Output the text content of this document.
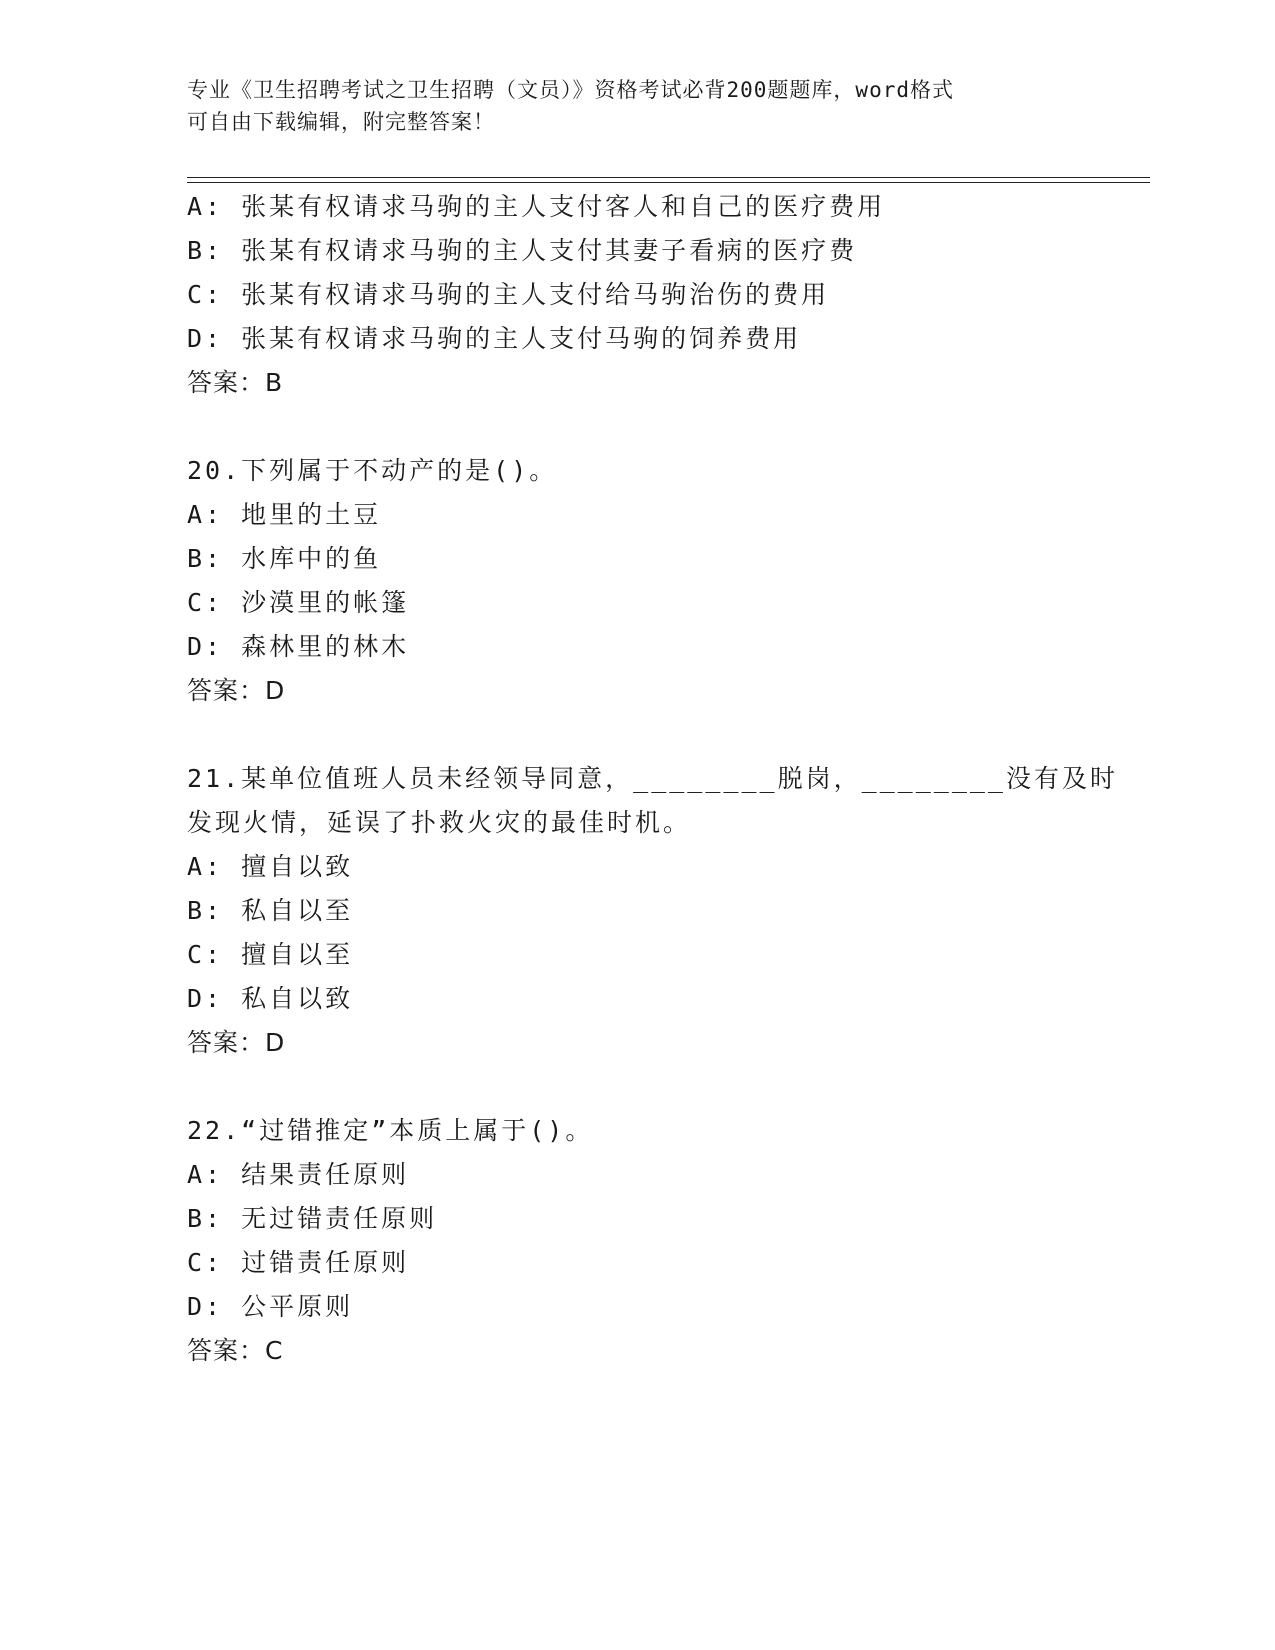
专业《卫生招聘考试之卫生招聘（文员）》资格考试必背200题题库，word格式
可自由下载编辑，附完整答案！
A: 张某有权请求马驹的主人支付客人和自己的医疗费用
B: 张某有权请求马驹的主人支付其妻子看病的医疗费
C: 张某有权请求马驹的主人支付给马驹治伤的费用
D: 张某有权请求马驹的主人支付马驹的饲养费用
答案：B
20.下列属于不动产的是()。
A: 地里的土豆
B: 水库中的鱼
C: 沙漠里的帐篷
D: 森林里的林木
答案：D
21.某单位值班人员未经领导同意，________脱岗，________没有及时
发现火情，延误了扑救火灾的最佳时机。
A: 擅自以致
B: 私自以至
C: 擅自以至
D: 私自以致
答案：D
22.“过错推定”本质上属于()。
A: 结果责任原则
B: 无过错责任原则
C: 过错责任原则
D: 公平原则
答案：C
